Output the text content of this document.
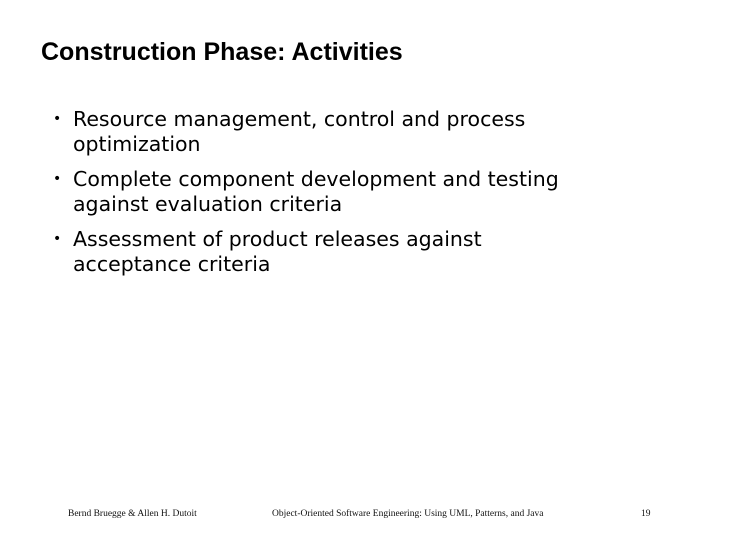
Construction Phase: Activities
• Resource management, control and process
optimization
• Complete component development and testing
against evaluation criteria
• Assessment of product releases against
acceptance criteria
Bernd Bruegge & Allen H. Dutoit	Object-Oriented Software Engineering: Using UML, Patterns, and Java	19
